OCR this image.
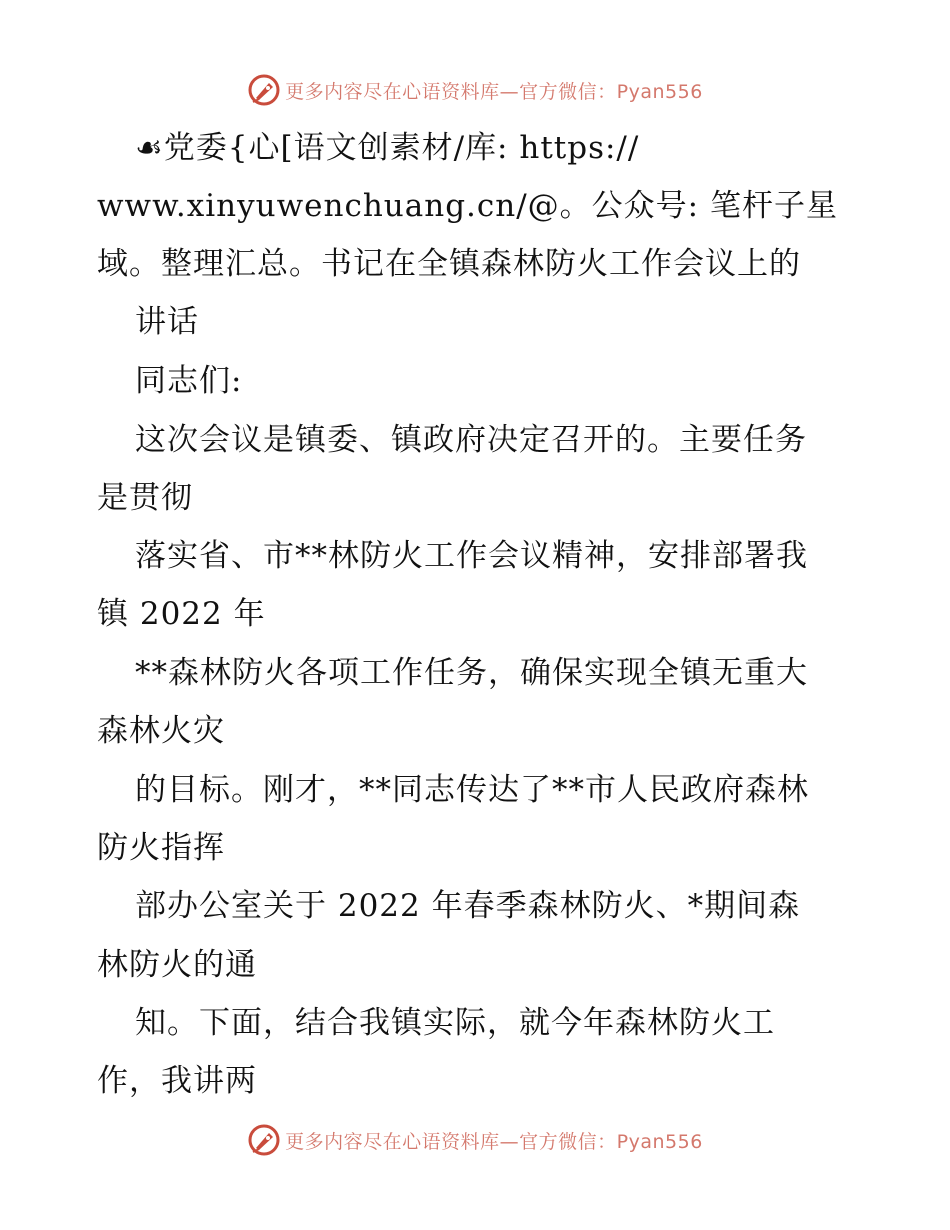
更多内容尽在心语资料库—官方微信：Pyan556
☙党委{心[语文创素材/库: https://
www.xinyuwenchuang.cn/@。公众号: 笔杆子星
域。整理汇总。书记在全镇森林防火工作会议上的
讲话
同志们:
这次会议是镇委、镇政府决定召开的。主要任务
是贯彻
落实省、市**林防火工作会议精神，安排部署我
镇 2022 年
**森林防火各项工作任务，确保实现全镇无重大
森林火灾
的目标。刚才，**同志传达了**市人民政府森林
防火指挥
部办公室关于 2022 年春季森林防火、*期间森
林防火的通
知。下面，结合我镇实际，就今年森林防火工
作，我讲两
更多内容尽在心语资料库—官方微信：Pyan556
